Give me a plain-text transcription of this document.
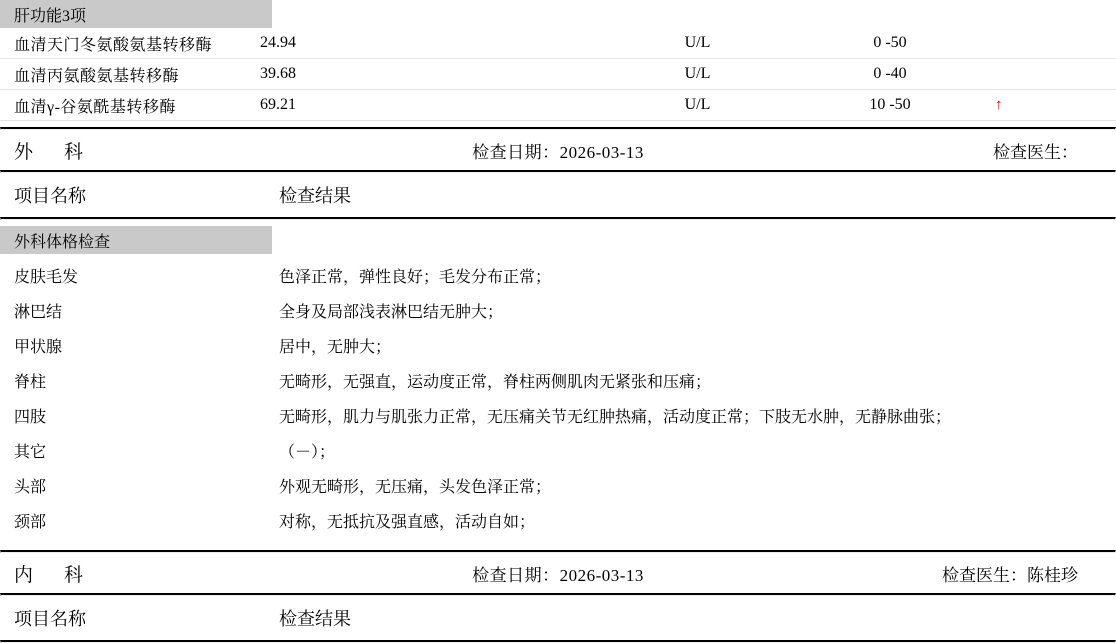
肝功能3项
血清天门冬氨酸氨基转移酶	24.94	U/L	0 -50
血清丙氨酸氨基转移酶	39.68	U/L	0 -40
血清γ-谷氨酰基转移酶	69.21	U/L	10 -50	↑
外　科	检查日期：2026-03-13	检查医生：
项目名称	检查结果
外科体格检查
皮肤毛发	色泽正常，弹性良好；毛发分布正常；
淋巴结	全身及局部浅表淋巴结无肿大；
甲状腺	居中，无肿大；
脊柱	无畸形，无强直，运动度正常，脊柱两侧肌肉无紧张和压痛；
四肢	无畸形，肌力与肌张力正常，无压痛关节无红肿热痛，活动度正常；下肢无水肿，无静脉曲张；
其它	（－）；
头部	外观无畸形，无压痛，头发色泽正常；
颈部	对称，无抵抗及强直感，活动自如；
内　科	检查日期：2026-03-13	检查医生：陈桂珍
项目名称	检查结果
